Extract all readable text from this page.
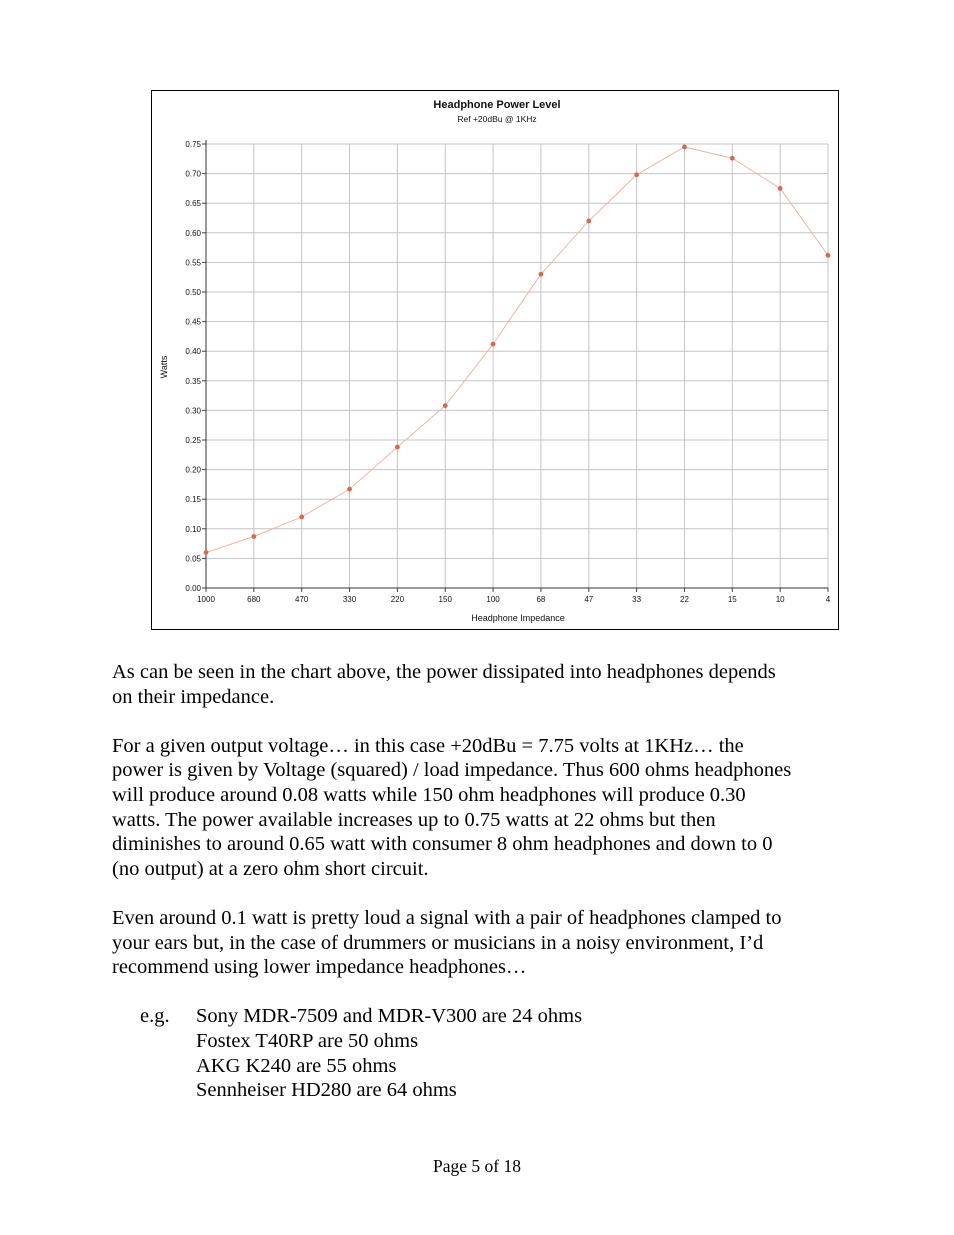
Headphone Power Level
Ref +20dBu @ 1KHz
0.00
0.05
0.10
0.15
0.20
0.25
0.30
0.35
0.40
0.45
0.50
0.55
0.60
0.65
0.70
0.75
1000	680	470	330	220	150	100	68	47	33	22	15	10	4
Headphone Impedance
Watts

As can be seen in the chart above, the power dissipated into headphones depends
on their impedance.

For a given output voltage… in this case +20dBu = 7.75 volts at 1KHz… the
power is given by Voltage (squared) / load impedance. Thus 600 ohms headphones
will produce around 0.08 watts while 150 ohm headphones will produce 0.30
watts. The power available increases up to 0.75 watts at 22 ohms but then
diminishes to around 0.65 watt with consumer 8 ohm headphones and down to 0
(no output) at a zero ohm short circuit.

Even around 0.1 watt is pretty loud a signal with a pair of headphones clamped to
your ears but, in the case of drummers or musicians in a noisy environment, I’d
recommend using lower impedance headphones…

e.g. Sony MDR-7509 and MDR-V300 are 24 ohms
Fostex T40RP are 50 ohms
AKG K240 are 55 ohms
Sennheiser HD280 are 64 ohms
Page 5 of 18
